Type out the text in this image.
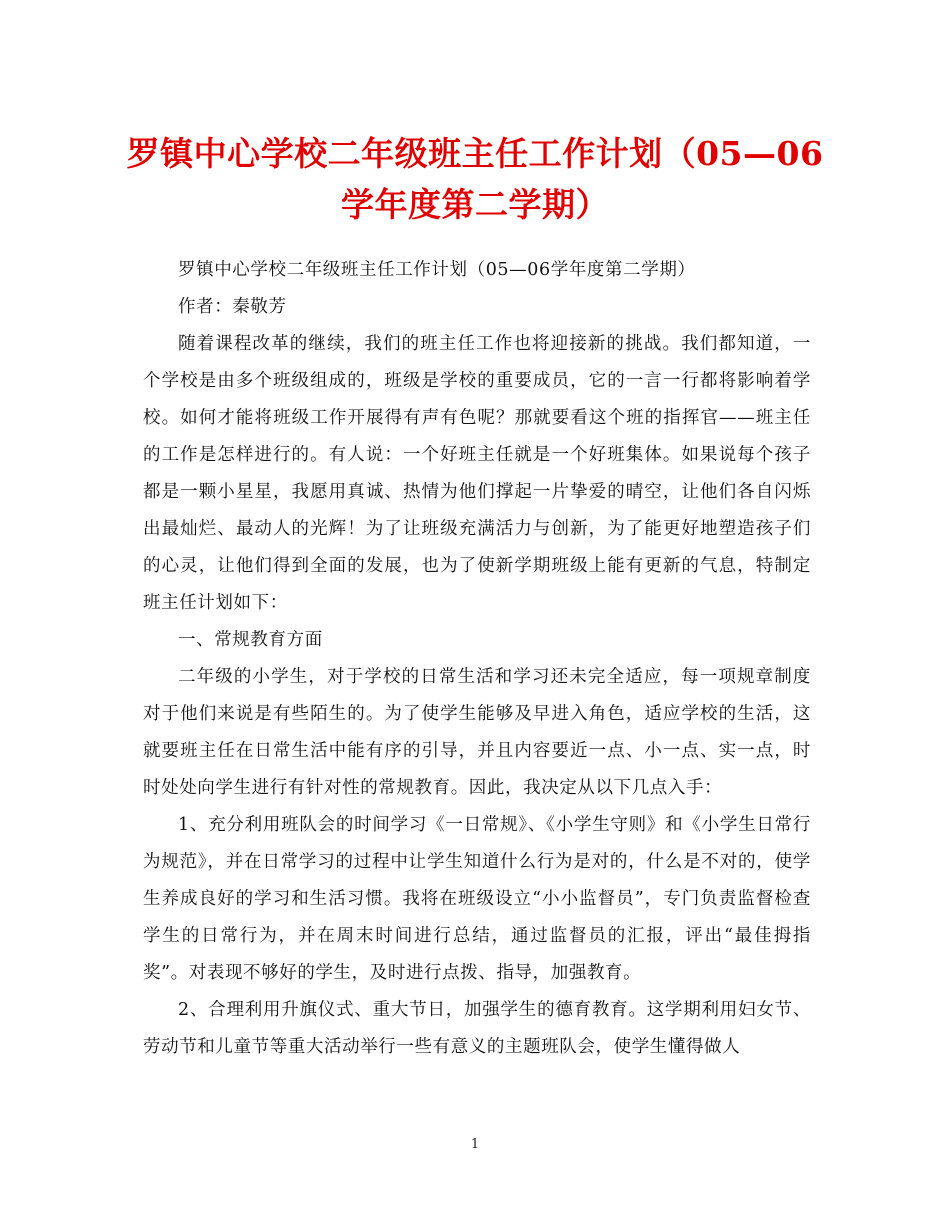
罗镇中心学校二年级班主任工作计划（05—06学年度第二学期）

罗镇中心学校二年级班主任工作计划（05—06学年度第二学期）

作者：秦敬芳

随着课程改革的继续，我们的班主任工作也将迎接新的挑战。我们都知道，一个学校是由多个班级组成的，班级是学校的重要成员，它的一言一行都将影响着学校。如何才能将班级工作开展得有声有色呢？那就要看这个班的指挥官——班主任的工作是怎样进行的。有人说：一个好班主任就是一个好班集体。如果说每个孩子都是一颗小星星，我愿用真诚、热情为他们撑起一片挚爱的晴空，让他们各自闪烁出最灿烂、最动人的光辉！为了让班级充满活力与创新，为了能更好地塑造孩子们的心灵，让他们得到全面的发展，也为了使新学期班级上能有更新的气息，特制定班主任计划如下：

一、常规教育方面

二年级的小学生，对于学校的日常生活和学习还未完全适应，每一项规章制度对于他们来说是有些陌生的。为了使学生能够及早进入角色，适应学校的生活，这就要班主任在日常生活中能有序的引导，并且内容要近一点、小一点、实一点，时时处处向学生进行有针对性的常规教育。因此，我决定从以下几点入手：

1、充分利用班队会的时间学习《一日常规》、《小学生守则》和《小学生日常行为规范》，并在日常学习的过程中让学生知道什么行为是对的，什么是不对的，使学生养成良好的学习和生活习惯。我将在班级设立“小小监督员”，专门负责监督检查学生的日常行为，并在周末时间进行总结，通过监督员的汇报，评出“最佳拇指奖”。对表现不够好的学生，及时进行点拨、指导，加强教育。

2、合理利用升旗仪式、重大节日，加强学生的德育教育。这学期利用妇女节、劳动节和儿童节等重大活动举行一些有意义的主题班队会，使学生懂得做人

1
